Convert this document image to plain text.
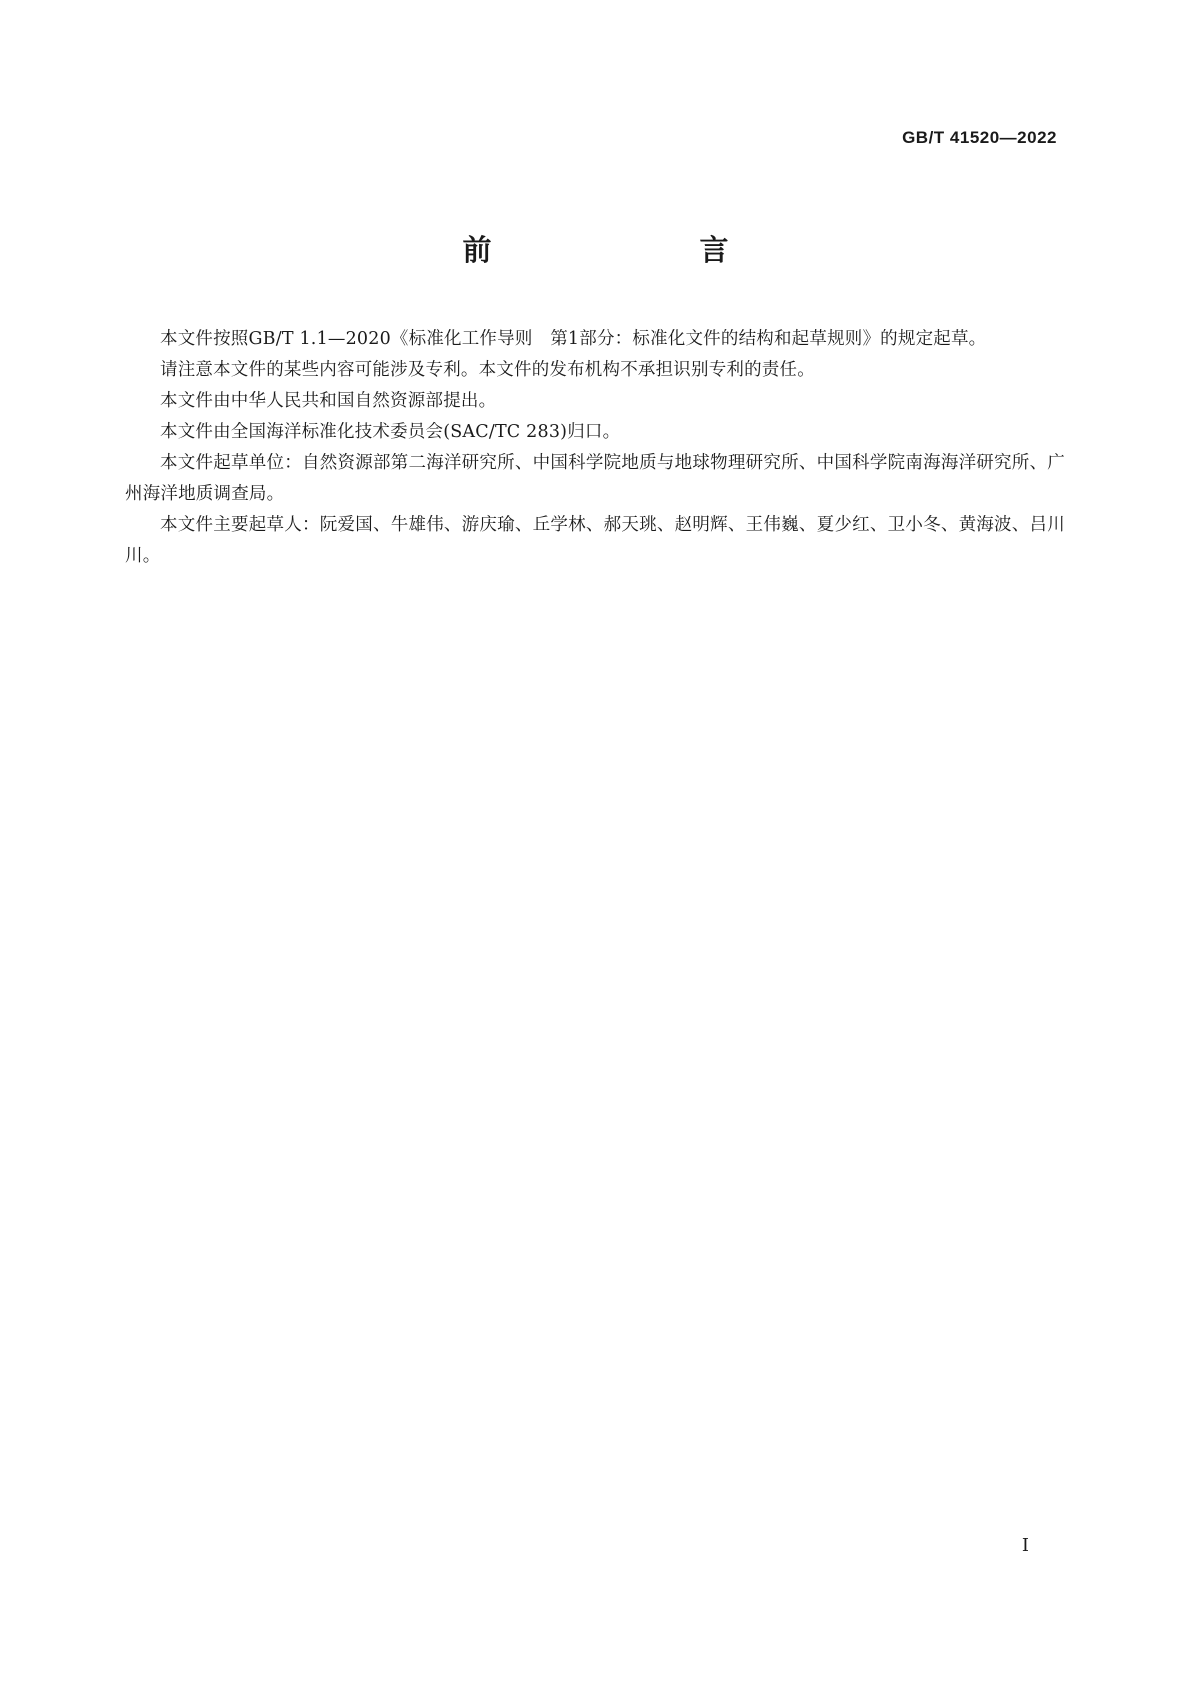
GB/T 41520—2022
前　　言

本文件按照GB/T 1.1—2020《标准化工作导则　第1部分：标准化文件的结构和起草规则》的规定起草。

请注意本文件的某些内容可能涉及专利。本文件的发布机构不承担识别专利的责任。

本文件由中华人民共和国自然资源部提出。

本文件由全国海洋标准化技术委员会(SAC/TC 283)归口。

本文件起草单位：自然资源部第二海洋研究所、中国科学院地质与地球物理研究所、中国科学院南海海洋研究所、广州海洋地质调查局。

本文件主要起草人：阮爱国、牛雄伟、游庆瑜、丘学林、郝天珧、赵明辉、王伟巍、夏少红、卫小冬、黄海波、吕川川。

I
